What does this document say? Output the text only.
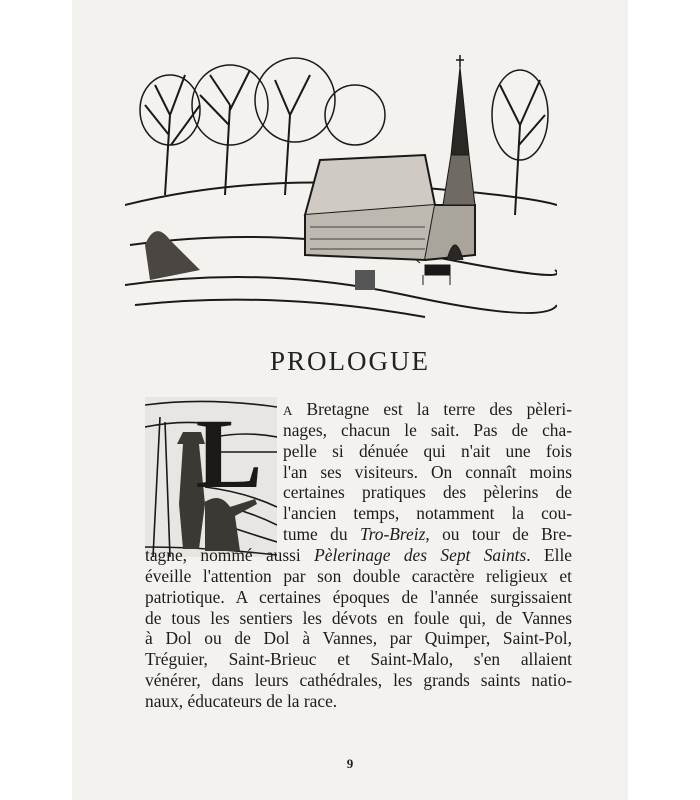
PROLOGUE
L A Bretagne est la terre des pèleri-
nages, chacun le sait. Pas de cha-
pelle si dénuée qui n'ait une fois
l'an ses visiteurs. On connaît moins
certaines pratiques des pèlerins de
l'ancien temps, notamment la cou-
tume du Tro-Breiz, ou tour de Bre-
tagne, nommé aussi Pèlerinage des Sept Saints. Elle
éveille l'attention par son double caractère religieux et
patriotique. A certaines époques de l'année surgissaient
de tous les sentiers les dévots en foule qui, de Vannes
à Dol ou de Dol à Vannes, par Quimper, Saint-Pol,
Tréguier, Saint-Brieuc et Saint-Malo, s'en allaient
vénérer, dans leurs cathédrales, les grands saints natio-
naux, éducateurs de la race.
9
